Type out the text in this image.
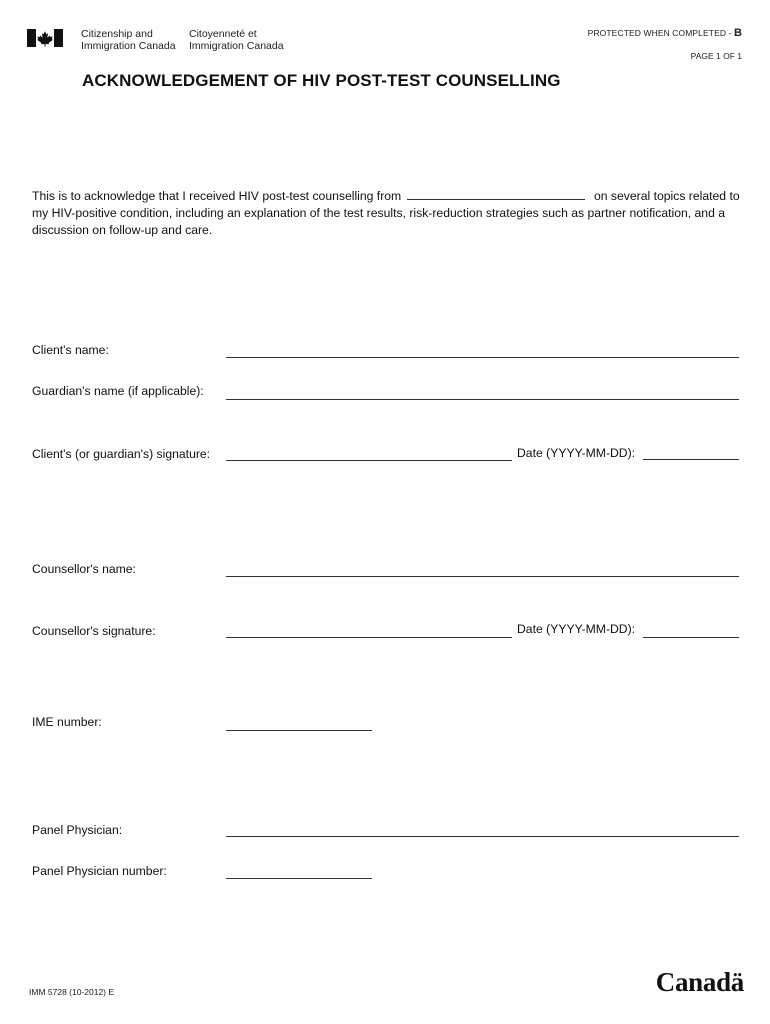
Citizenship and
Immigration Canada
Citoyenneté et
Immigration Canada
PROTECTED WHEN COMPLETED - B
PAGE 1 OF 1
ACKNOWLEDGEMENT OF HIV POST-TEST COUNSELLING
This is to acknowledge that I received HIV post-test counselling from	on several topics related to my HIV-positive condition, including an explanation of the test results, risk-reduction strategies such as partner notification, and a discussion on follow-up and care.
Client's name:
Guardian's name (if applicable):
Client's (or guardian's) signature:	Date (YYYY-MM-DD):
Counsellor's name:
Counsellor's signature:	Date (YYYY-MM-DD):
IME number:
Panel Physician:
Panel Physician number:
IMM 5728 (10-2012) E	Canadä
